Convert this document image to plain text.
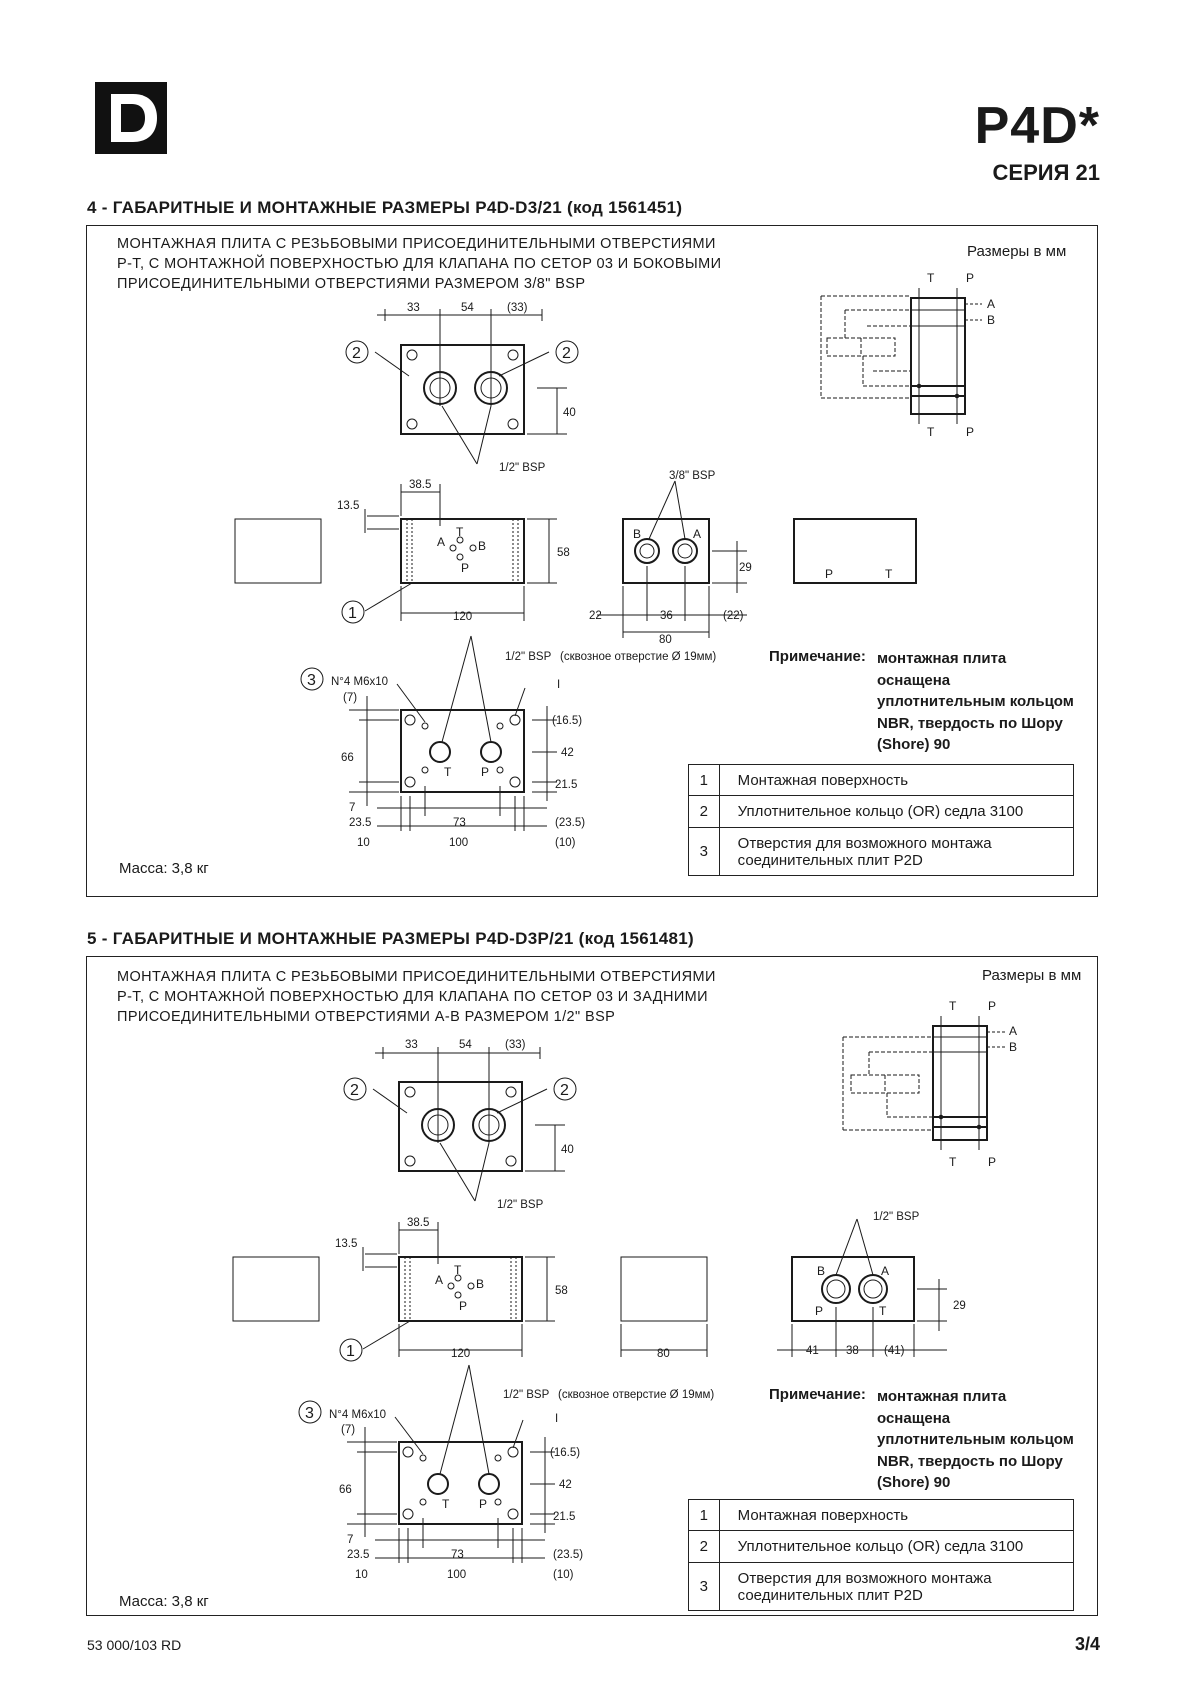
P4D*
СЕРИЯ 21
4 - ГАБАРИТНЫЕ И МОНТАЖНЫЕ РАЗМЕРЫ P4D-D3/21 (код 1561451)
МОНТАЖНАЯ ПЛИТА С РЕЗЬБОВЫМИ ПРИСОЕДИНИТЕЛЬНЫМИ ОТВЕРСТИЯМИ
P-T, С МОНТАЖНОЙ ПОВЕРХНОСТЬЮ ДЛЯ КЛАПАНА ПО CETOP 03 И БОКОВЫМИ
ПРИСОЕДИНИТЕЛЬНЫМИ ОТВЕРСТИЯМИ РАЗМЕРОМ 3/8" BSP
Размеры в мм
33	54	(33)
40
1/2" BSP
2	2
38.5
13.5
58
120
A
T
B
P
1
3/8" BSP
B	A
29
22	36	(22)
80
P	T
3 N°4 M6x10
1/2" BSP (сквозное отверстие Ø 19мм)
I
(7)
66
7
(16.5)
42
21.5
23.5	73	(23.5)
10	100	(10)
T P
T	P
A
B
T	P
Примечание: монтажная плита
оснащена
уплотнительным кольцом
NBR, твердость по Шору
(Shore) 90
1	Монтажная поверхность
2	Уплотнительное кольцо (OR) седла 3100
3	Отверстия для возможного монтажа соединительных плит P2D
Масса: 3,8 кг
5 - ГАБАРИТНЫЕ И МОНТАЖНЫЕ РАЗМЕРЫ P4D-D3P/21 (код 1561481)
МОНТАЖНАЯ ПЛИТА С РЕЗЬБОВЫМИ ПРИСОЕДИНИТЕЛЬНЫМИ ОТВЕРСТИЯМИ
P-T, С МОНТАЖНОЙ ПОВЕРХНОСТЬЮ ДЛЯ КЛАПАНА ПО CETOP 03 И ЗАДНИМИ
ПРИСОЕДИНИТЕЛЬНЫМИ ОТВЕРСТИЯМИ A-B РАЗМЕРОМ 1/2" BSP
Размеры в мм
33	54	(33)
40
1/2" BSP
2	2
38.5
13.5
58
120
A
T
B
P
1	80
1/2" BSP
B	A
P	T	29
41 38 (41)
3 N°4 M6x10
1/2" BSP (сквозное отверстие Ø 19мм)
I
(7)
66
7
(16.5)
42
21.5
23.5	73	(23.5)
10	100	(10)
T P
T	P
A
B
T	P
Примечание: монтажная плита
оснащена
уплотнительным кольцом
NBR, твердость по Шору
(Shore) 90
1	Монтажная поверхность
2	Уплотнительное кольцо (OR) седла 3100
3	Отверстия для возможного монтажа соединительных плит P2D
Масса: 3,8 кг
53 000/103 RD	3/4
